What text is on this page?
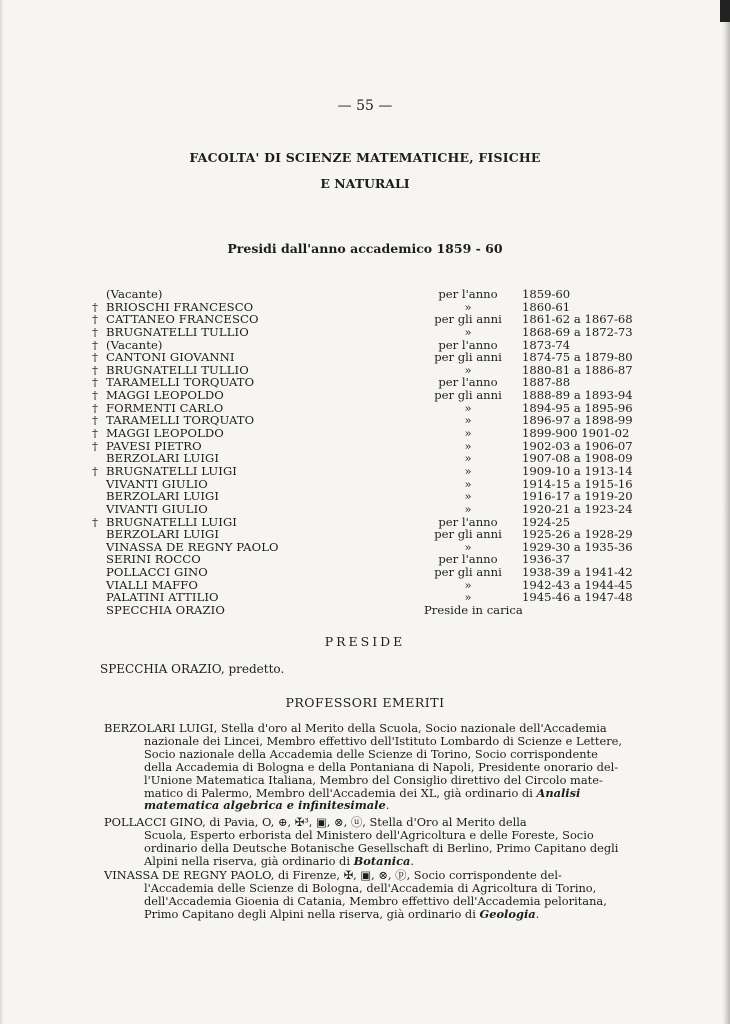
— 55 —
FACOLTA' DI SCIENZE MATEMATICHE, FISICHE
E NATURALI
Presidi dall'anno accademico 1859 - 60
(Vacante)	per l'anno	1859-60
† BRIOSCHI FRANCESCO	»	1860-61
† CATTANEO FRANCESCO	per gli anni	1861-62 a 1867-68
† BRUGNATELLI TULLIO	»	1868-69 a 1872-73
† (Vacante)	per l'anno	1873-74
† CANTONI GIOVANNI	per gli anni	1874-75 a 1879-80
† BRUGNATELLI TULLIO	»	1880-81 a 1886-87
† TARAMELLI TORQUATO	per l'anno	1887-88
† MAGGI LEOPOLDO	per gli anni	1888-89 a 1893-94
† FORMENTI CARLO	»	1894-95 a 1895-96
† TARAMELLI TORQUATO	»	1896-97 a 1898-99
† MAGGI LEOPOLDO	»	1899-900 1901-02
† PAVESI PIETRO	»	1902-03 a 1906-07
BERZOLARI LUIGI	»	1907-08 a 1908-09
† BRUGNATELLI LUIGI	»	1909-10 a 1913-14
VIVANTI GIULIO	»	1914-15 a 1915-16
BERZOLARI LUIGI	»	1916-17 a 1919-20
VIVANTI GIULIO	»	1920-21 a 1923-24
† BRUGNATELLI LUIGI	per l'anno	1924-25
BERZOLARI LUIGI	per gli anni	1925-26 a 1928-29
VINASSA DE REGNY PAOLO	»	1929-30 a 1935-36
SERINI ROCCO	per l'anno	1936-37
POLLACCI GINO	per gli anni	1938-39 a 1941-42
VIALLI MAFFO	»	1942-43 a 1944-45
PALATINI ATTILIO	»	1945-46 a 1947-48
SPECCHIA ORAZIO	Preside in carica
PRESIDE
SPECCHIA ORAZIO, predetto.
PROFESSORI EMERITI

BERZOLARI LUIGI, Stella d'oro al Merito della Scuola, Socio nazionale dell'Accademia

nazionale dei Lincei, Membro effettivo dell'Istituto Lombardo di Scienze e Lettere,

Socio nazionale della Accademia delle Scienze di Torino, Socio corrispondente

della Accademia di Bologna e della Pontaniana di Napoli, Presidente onorario del-

l'Unione Matematica Italiana, Membro del Consiglio direttivo del Circolo mate-

matico di Palermo, Membro dell'Accademia dei XL, già ordinario di Analisi

matematica algebrica e infinitesimale.

POLLACCI GINO, di Pavia, O, ⊕, ✠³, ▣, ⊗, ⓤ, Stella d'Oro al Merito della

Scuola, Esperto erborista del Ministero dell'Agricoltura e delle Foreste, Socio

ordinario della Deutsche Botanische Gesellschaft di Berlino, Primo Capitano degli

Alpini nella riserva, già ordinario di Botanica.

VINASSA DE REGNY PAOLO, di Firenze, ✠, ▣, ⊗, ⓟ, Socio corrispondente del-

l'Accademia delle Scienze di Bologna, dell'Accademia di Agricoltura di Torino,

dell'Accademia Gioenia di Catania, Membro effettivo dell'Accademia peloritana,

Primo Capitano degli Alpini nella riserva, già ordinario di Geologia.
